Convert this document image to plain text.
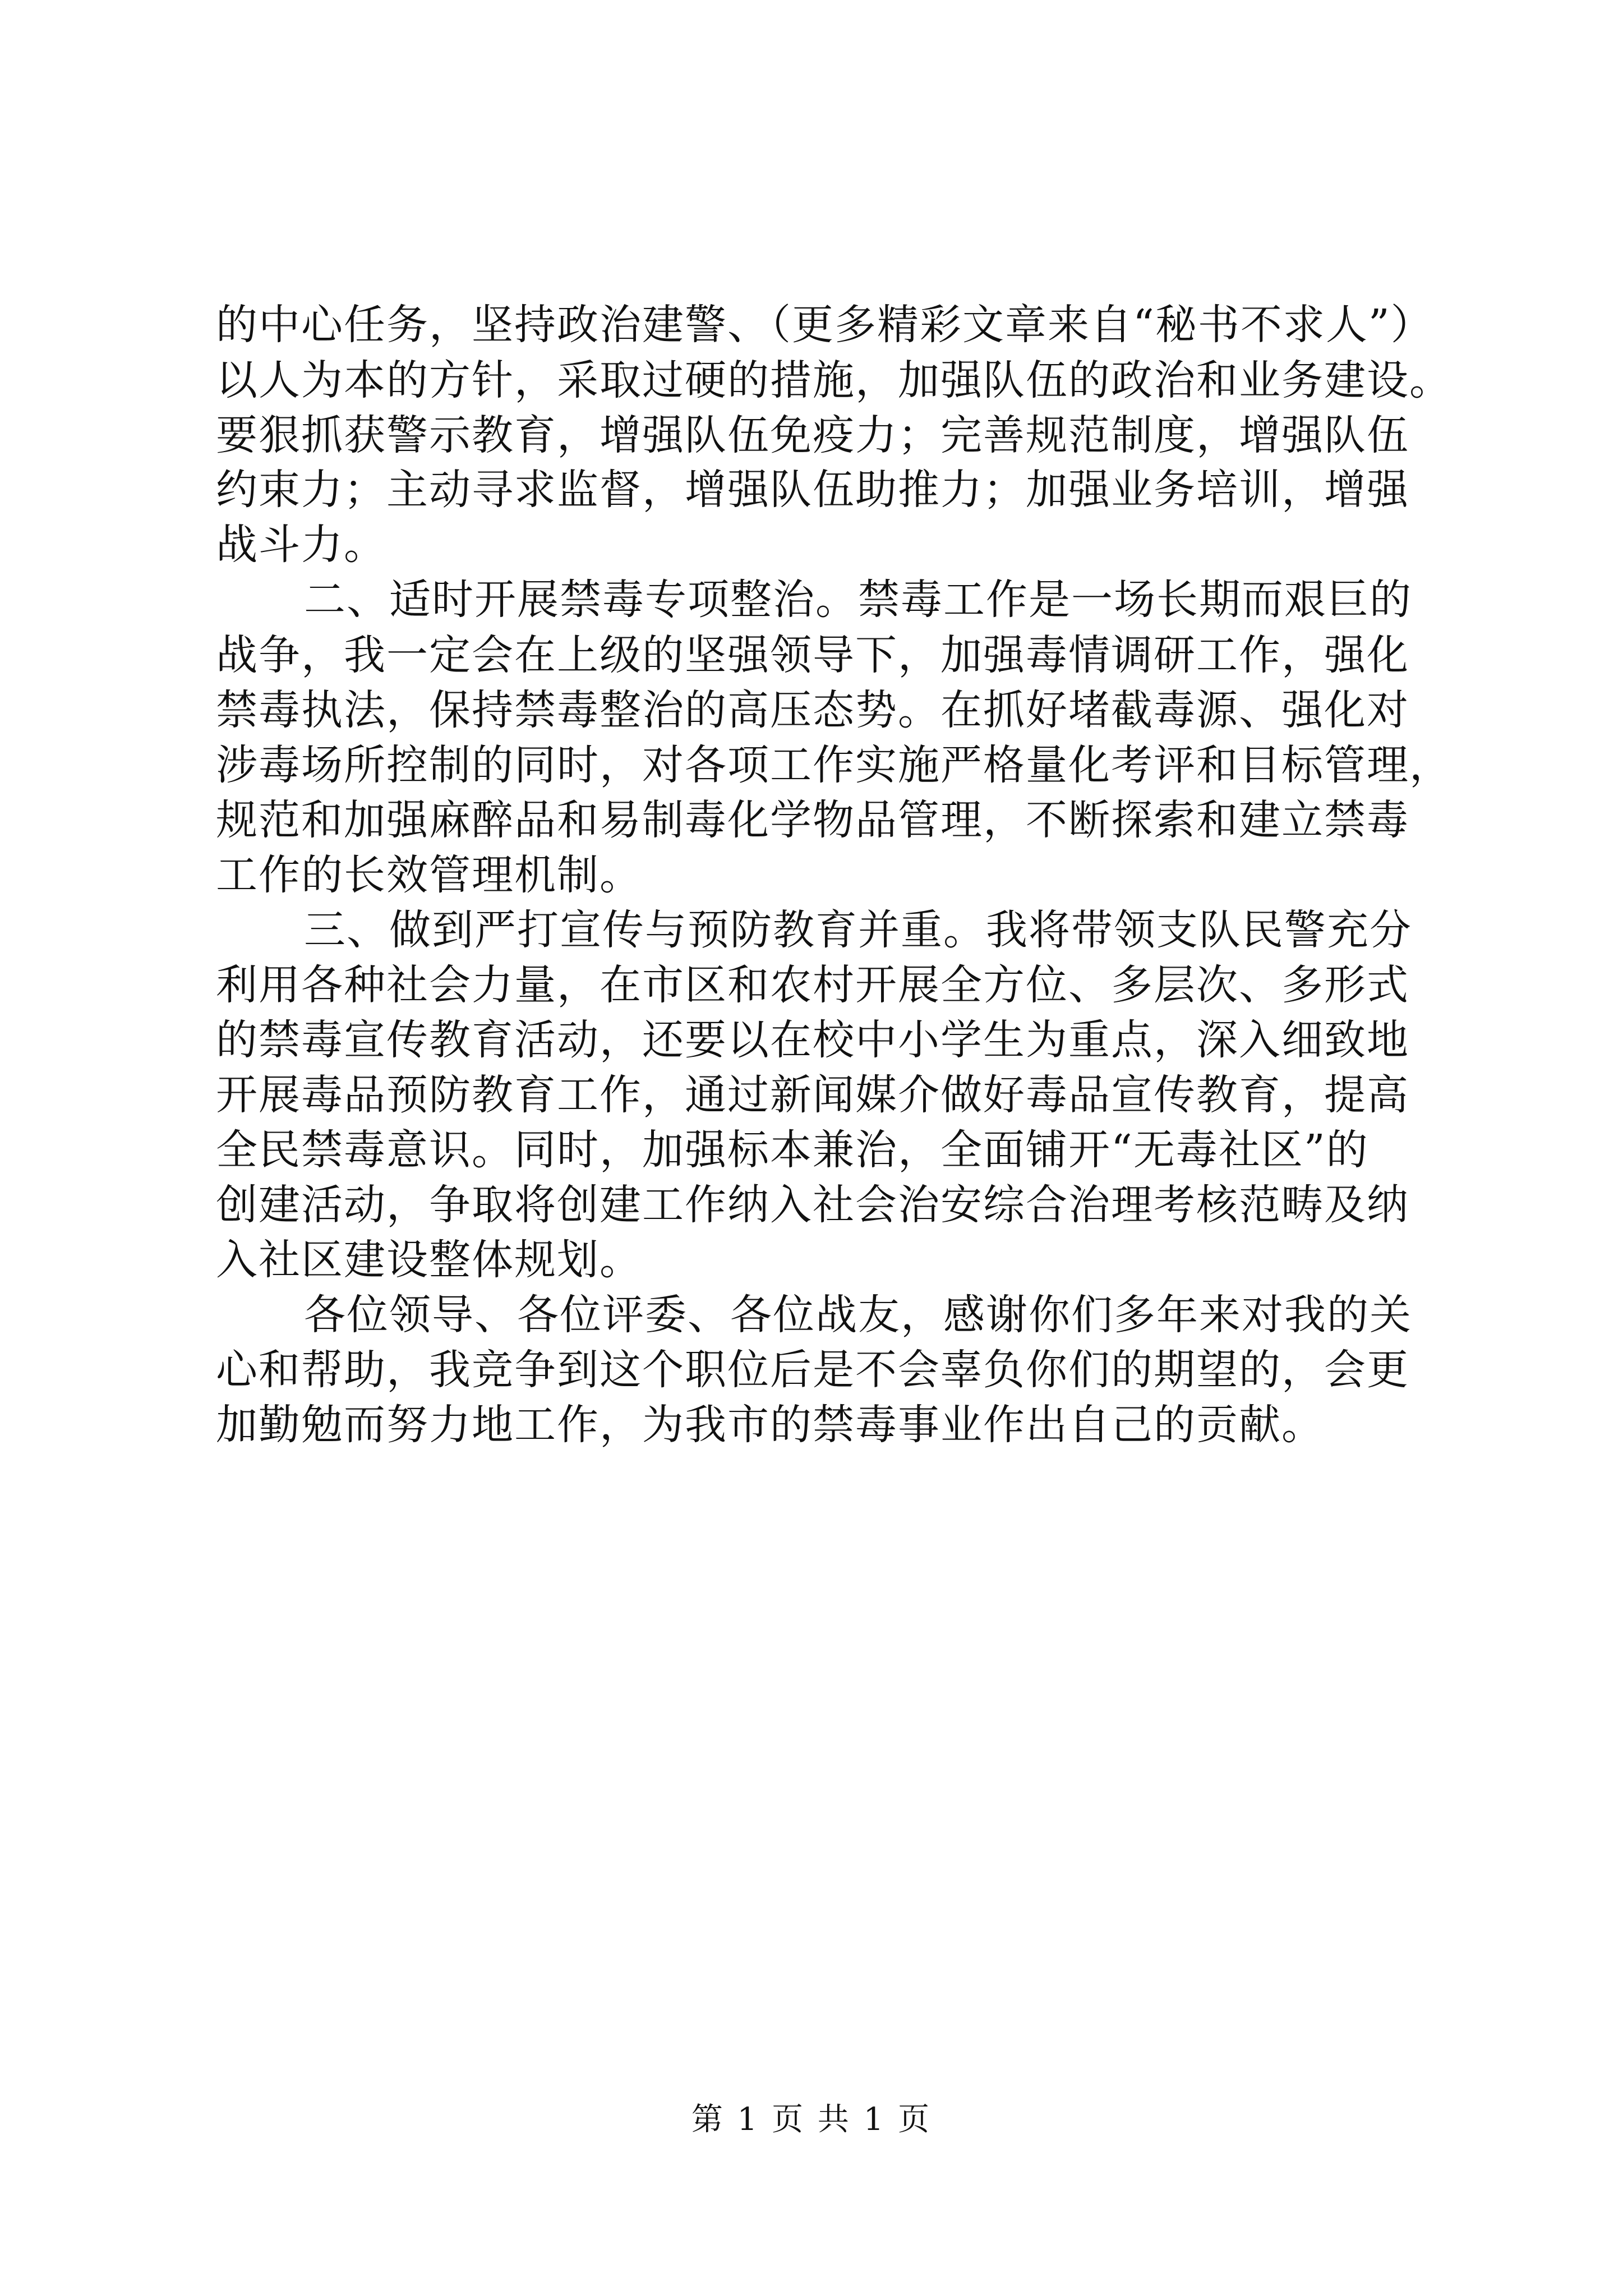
的中心任务，坚持政治建警、（更多精彩文章来自“秘书不求人”）
以人为本的方针，采取过硬的措施，加强队伍的政治和业务建设。
要狠抓获警示教育，增强队伍免疫力；完善规范制度，增强队伍
约束力；主动寻求监督，增强队伍助推力；加强业务培训，增强
战斗力。
二、适时开展禁毒专项整治。禁毒工作是一场长期而艰巨的
战争，我一定会在上级的坚强领导下，加强毒情调研工作，强化
禁毒执法，保持禁毒整治的高压态势。在抓好堵截毒源、强化对
涉毒场所控制的同时，对各项工作实施严格量化考评和目标管理，
规范和加强麻醉品和易制毒化学物品管理，不断探索和建立禁毒
工作的长效管理机制。
三、做到严打宣传与预防教育并重。我将带领支队民警充分
利用各种社会力量，在市区和农村开展全方位、多层次、多形式
的禁毒宣传教育活动，还要以在校中小学生为重点，深入细致地
开展毒品预防教育工作，通过新闻媒介做好毒品宣传教育，提高
全民禁毒意识。同时，加强标本兼治，全面铺开“无毒社区”的
创建活动，争取将创建工作纳入社会治安综合治理考核范畴及纳
入社区建设整体规划。
各位领导、各位评委、各位战友，感谢你们多年来对我的关
心和帮助，我竞争到这个职位后是不会辜负你们的期望的，会更
加勤勉而努力地工作，为我市的禁毒事业作出自己的贡献。
第 1 页 共 1 页
